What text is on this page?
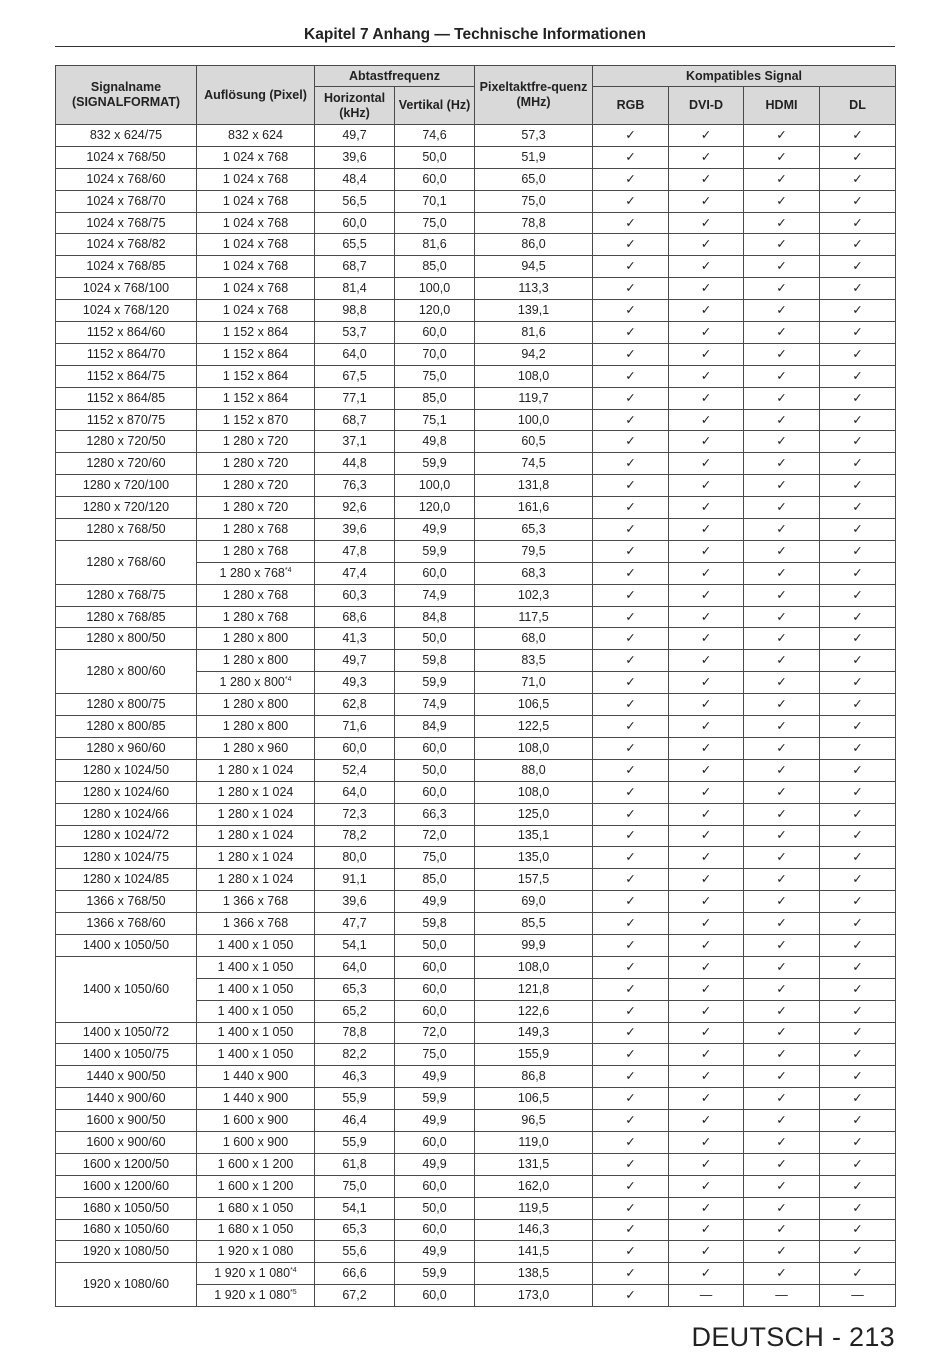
Kapitel 7 Anhang — Technische Informationen
Signalname (SIGNALFORMAT)	Auflösung (Pixel)	Abtastfrequenz		Pixeltaktfre-quenz (MHz)	Kompatibles Signal			
		Horizontal (kHz)	Vertikal (Hz)		RGB	DVI-D	HDMI	DL
832 x 624/75	832 x 624	49,7	74,6	57,3	✓	✓	✓	✓
1024 x 768/50	1 024 x 768	39,6	50,0	51,9	✓	✓	✓	✓
1024 x 768/60	1 024 x 768	48,4	60,0	65,0	✓	✓	✓	✓
1024 x 768/70	1 024 x 768	56,5	70,1	75,0	✓	✓	✓	✓
1024 x 768/75	1 024 x 768	60,0	75,0	78,8	✓	✓	✓	✓
1024 x 768/82	1 024 x 768	65,5	81,6	86,0	✓	✓	✓	✓
1024 x 768/85	1 024 x 768	68,7	85,0	94,5	✓	✓	✓	✓
1024 x 768/100	1 024 x 768	81,4	100,0	113,3	✓	✓	✓	✓
1024 x 768/120	1 024 x 768	98,8	120,0	139,1	✓	✓	✓	✓
1152 x 864/60	1 152 x 864	53,7	60,0	81,6	✓	✓	✓	✓
1152 x 864/70	1 152 x 864	64,0	70,0	94,2	✓	✓	✓	✓
1152 x 864/75	1 152 x 864	67,5	75,0	108,0	✓	✓	✓	✓
1152 x 864/85	1 152 x 864	77,1	85,0	119,7	✓	✓	✓	✓
1152 x 870/75	1 152 x 870	68,7	75,1	100,0	✓	✓	✓	✓
1280 x 720/50	1 280 x 720	37,1	49,8	60,5	✓	✓	✓	✓
1280 x 720/60	1 280 x 720	44,8	59,9	74,5	✓	✓	✓	✓
1280 x 720/100	1 280 x 720	76,3	100,0	131,8	✓	✓	✓	✓
1280 x 720/120	1 280 x 720	92,6	120,0	161,6	✓	✓	✓	✓
1280 x 768/50	1 280 x 768	39,6	49,9	65,3	✓	✓	✓	✓
1280 x 768/60	1 280 x 768	47,8	59,9	79,5	✓	✓	✓	✓
	1 280 x 768$^{*4}$	47,4	60,0	68,3	✓	✓	✓	✓
1280 x 768/75	1 280 x 768	60,3	74,9	102,3	✓	✓	✓	✓
1280 x 768/85	1 280 x 768	68,6	84,8	117,5	✓	✓	✓	✓
1280 x 800/50	1 280 x 800	41,3	50,0	68,0	✓	✓	✓	✓
1280 x 800/60	1 280 x 800	49,7	59,8	83,5	✓	✓	✓	✓
	1 280 x 800$^{*4}$	49,3	59,9	71,0	✓	✓	✓	✓
1280 x 800/75	1 280 x 800	62,8	74,9	106,5	✓	✓	✓	✓
1280 x 800/85	1 280 x 800	71,6	84,9	122,5	✓	✓	✓	✓
1280 x 960/60	1 280 x 960	60,0	60,0	108,0	✓	✓	✓	✓
1280 x 1024/50	1 280 x 1 024	52,4	50,0	88,0	✓	✓	✓	✓
1280 x 1024/60	1 280 x 1 024	64,0	60,0	108,0	✓	✓	✓	✓
1280 x 1024/66	1 280 x 1 024	72,3	66,3	125,0	✓	✓	✓	✓
1280 x 1024/72	1 280 x 1 024	78,2	72,0	135,1	✓	✓	✓	✓
1280 x 1024/75	1 280 x 1 024	80,0	75,0	135,0	✓	✓	✓	✓
1280 x 1024/85	1 280 x 1 024	91,1	85,0	157,5	✓	✓	✓	✓
1366 x 768/50	1 366 x 768	39,6	49,9	69,0	✓	✓	✓	✓
1366 x 768/60	1 366 x 768	47,7	59,8	85,5	✓	✓	✓	✓
1400 x 1050/50	1 400 x 1 050	54,1	50,0	99,9	✓	✓	✓	✓
1400 x 1050/60	1 400 x 1 050	64,0	60,0	108,0	✓	✓	✓	✓
	1 400 x 1 050	65,3	60,0	121,8	✓	✓	✓	✓
	1 400 x 1 050	65,2	60,0	122,6	✓	✓	✓	✓
1400 x 1050/72	1 400 x 1 050	78,8	72,0	149,3	✓	✓	✓	✓
1400 x 1050/75	1 400 x 1 050	82,2	75,0	155,9	✓	✓	✓	✓
1440 x 900/50	1 440 x 900	46,3	49,9	86,8	✓	✓	✓	✓
1440 x 900/60	1 440 x 900	55,9	59,9	106,5	✓	✓	✓	✓
1600 x 900/50	1 600 x 900	46,4	49,9	96,5	✓	✓	✓	✓
1600 x 900/60	1 600 x 900	55,9	60,0	119,0	✓	✓	✓	✓
1600 x 1200/50	1 600 x 1 200	61,8	49,9	131,5	✓	✓	✓	✓
1600 x 1200/60	1 600 x 1 200	75,0	60,0	162,0	✓	✓	✓	✓
1680 x 1050/50	1 680 x 1 050	54,1	50,0	119,5	✓	✓	✓	✓
1680 x 1050/60	1 680 x 1 050	65,3	60,0	146,3	✓	✓	✓	✓
1920 x 1080/50	1 920 x 1 080	55,6	49,9	141,5	✓	✓	✓	✓
1920 x 1080/60	1 920 x 1 080$^{*4}$	66,6	59,9	138,5	✓	✓	✓	✓
	1 920 x 1 080$^{*5}$	67,2	60,0	173,0	✓	—	—	—
DEUTSCH - 213
